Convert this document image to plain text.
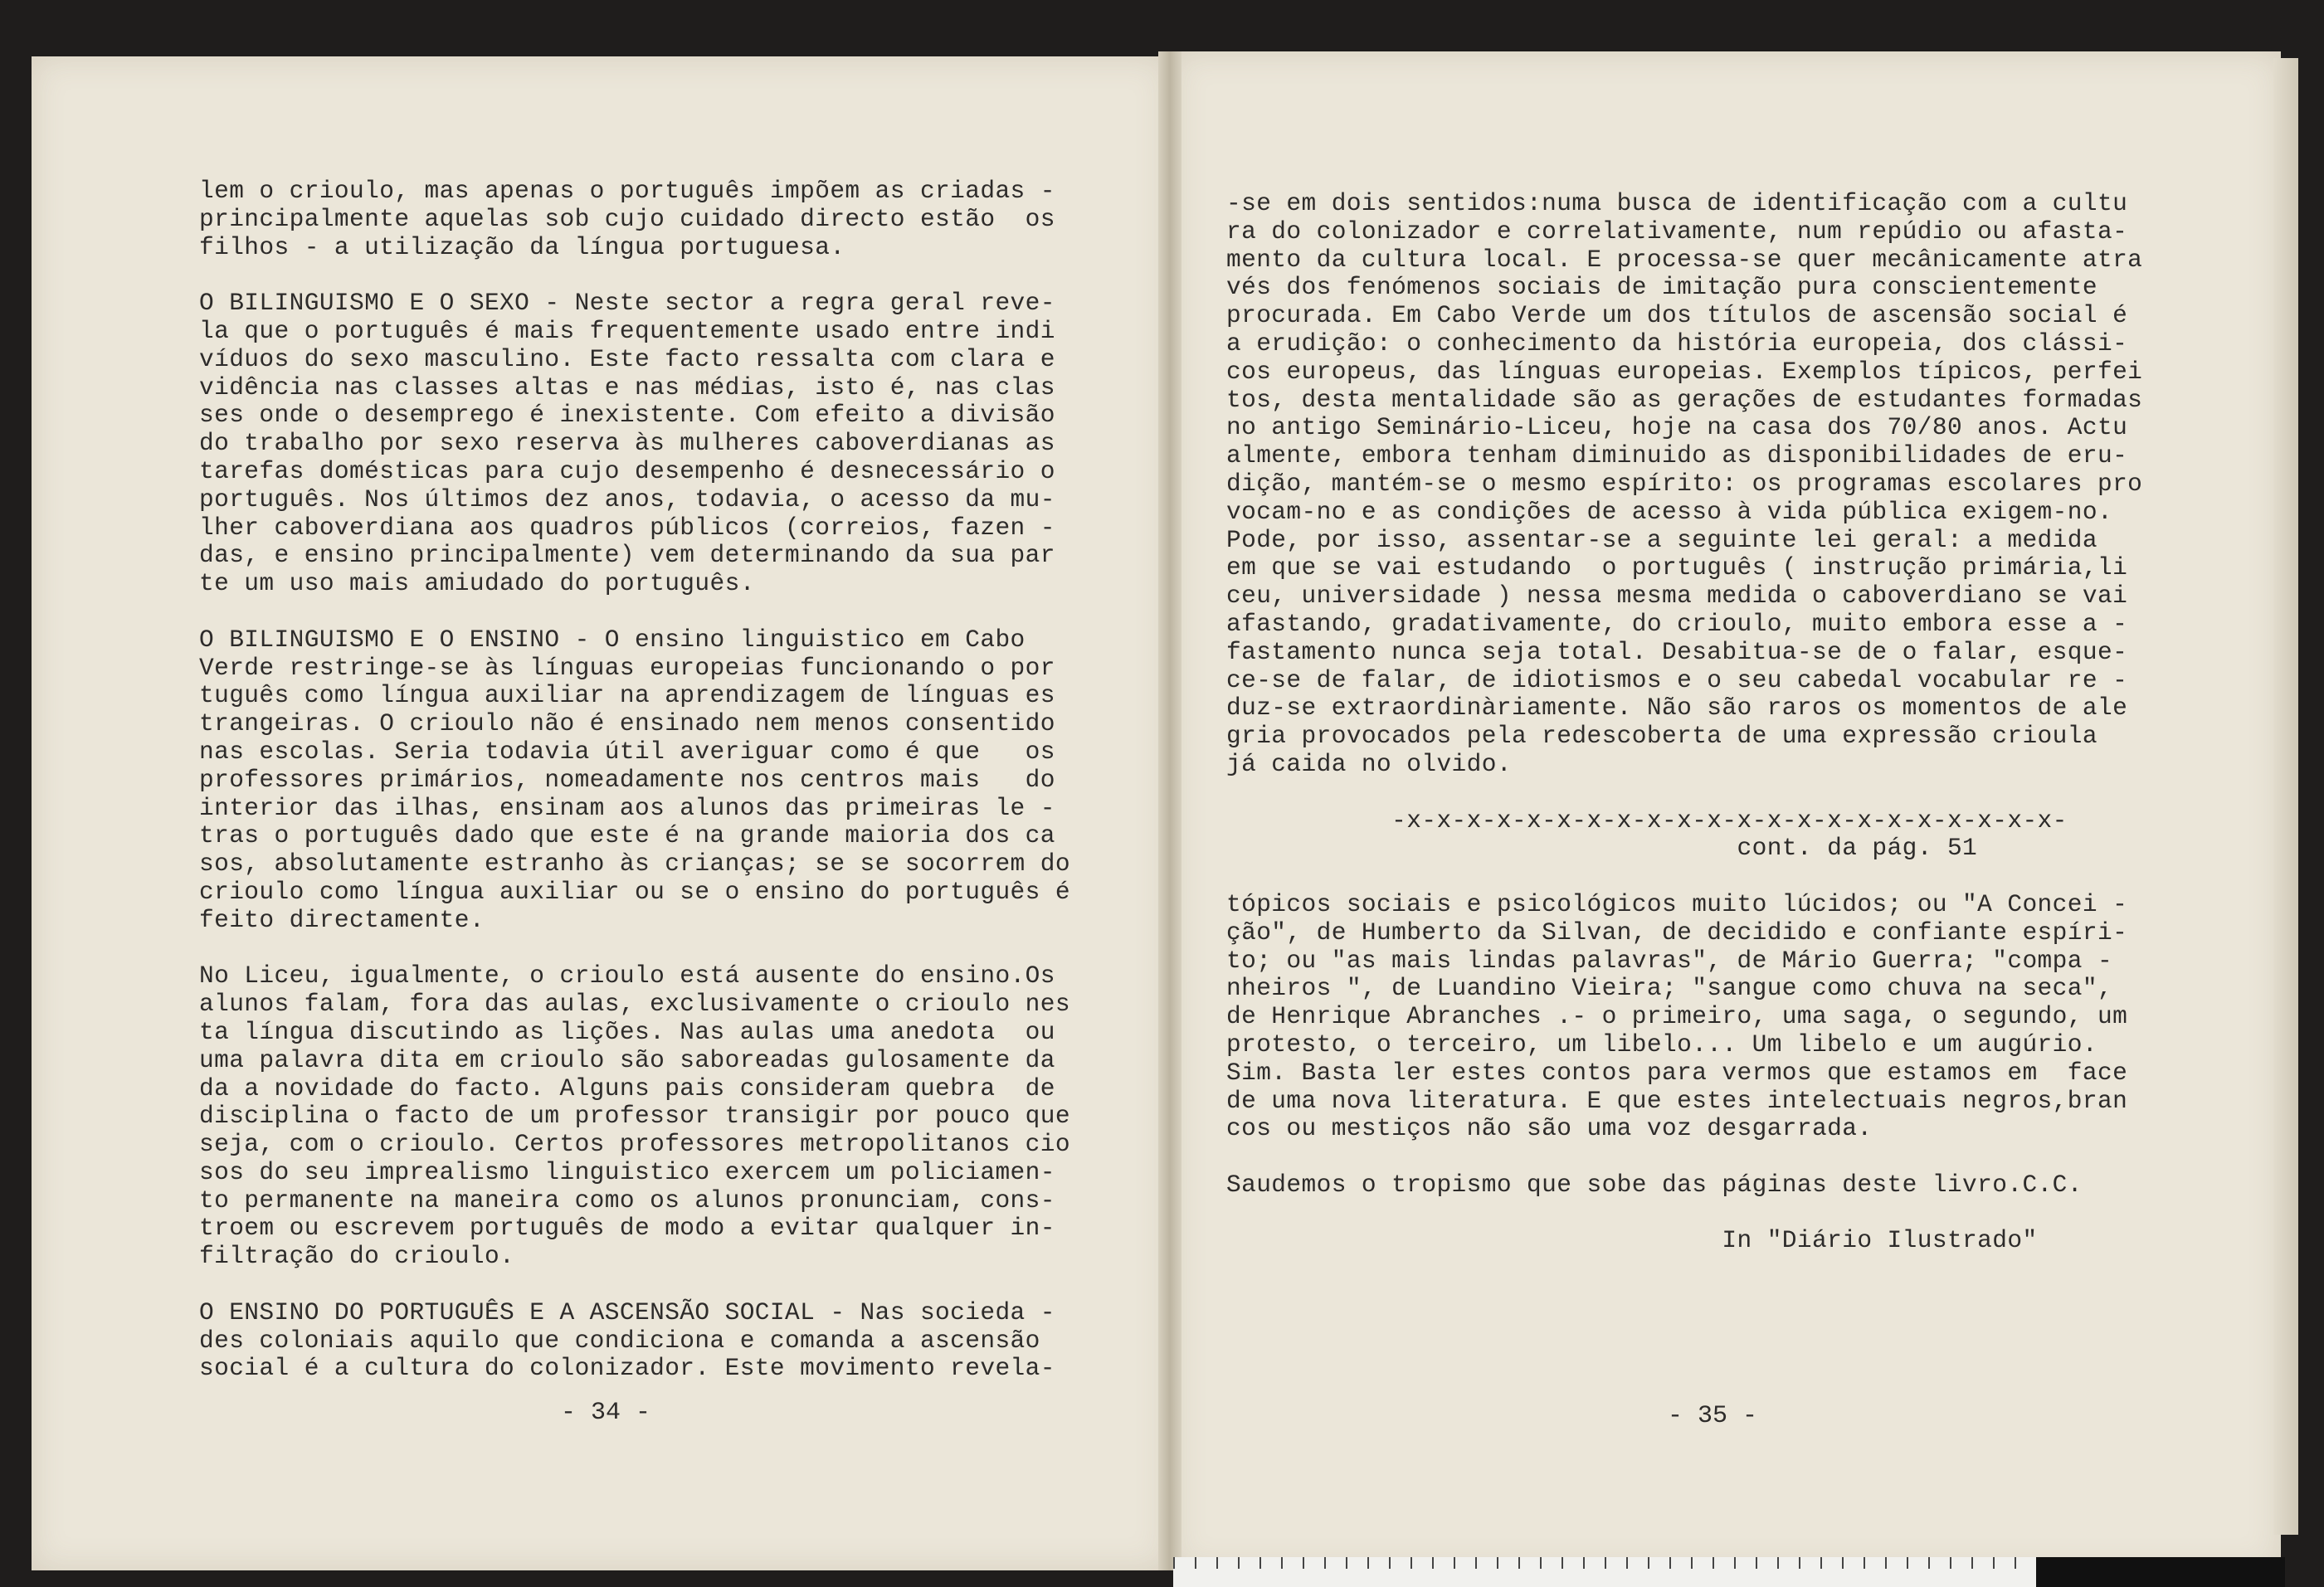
lem o crioulo, mas apenas o português impõem as criadas -
principalmente aquelas sob cujo cuidado directo estão  os
filhos - a utilização da língua portuguesa.

O BILINGUISMO E O SEXO - Neste sector a regra geral reve-
la que o português é mais frequentemente usado entre indi
víduos do sexo masculino. Este facto ressalta com clara e
vidência nas classes altas e nas médias, isto é, nas clas
ses onde o desemprego é inexistente. Com efeito a divisão
do trabalho por sexo reserva às mulheres caboverdianas as
tarefas domésticas para cujo desempenho é desnecessário o
português. Nos últimos dez anos, todavia, o acesso da mu-
lher caboverdiana aos quadros públicos (correios, fazen -
das, e ensino principalmente) vem determinando da sua par
te um uso mais amiudado do português.

O BILINGUISMO E O ENSINO - O ensino linguistico em Cabo
Verde restringe-se às línguas europeias funcionando o por
tuguês como língua auxiliar na aprendizagem de línguas es
trangeiras. O crioulo não é ensinado nem menos consentido
nas escolas. Seria todavia útil averiguar como é que   os
professores primários, nomeadamente nos centros mais   do
interior das ilhas, ensinam aos alunos das primeiras le -
tras o português dado que este é na grande maioria dos ca
sos, absolutamente estranho às crianças; se se socorrem do
crioulo como língua auxiliar ou se o ensino do português é
feito directamente.

No Liceu, igualmente, o crioulo está ausente do ensino.Os
alunos falam, fora das aulas, exclusivamente o crioulo nes
ta língua discutindo as lições. Nas aulas uma anedota  ou
uma palavra dita em crioulo são saboreadas gulosamente da
da a novidade do facto. Alguns pais consideram quebra  de
disciplina o facto de um professor transigir por pouco que
seja, com o crioulo. Certos professores metropolitanos cio
sos do seu imprealismo linguistico exercem um policiamen-
to permanente na maneira como os alunos pronunciam, cons-
troem ou escrevem português de modo a evitar qualquer in-
filtração do crioulo.

O ENSINO DO PORTUGUÊS E A ASCENSÃO SOCIAL - Nas socieda -
des coloniais aquilo que condiciona e comanda a ascensão
social é a cultura do colonizador. Este movimento revela-
-se em dois sentidos:numa busca de identificação com a cultu
ra do colonizador e correlativamente, num repúdio ou afasta-
mento da cultura local. E processa-se quer mecânicamente atra
vés dos fenómenos sociais de imitação pura conscientemente
procurada. Em Cabo Verde um dos títulos de ascensão social é
a erudição: o conhecimento da história europeia, dos clássi-
cos europeus, das línguas europeias. Exemplos típicos, perfei
tos, desta mentalidade são as gerações de estudantes formadas
no antigo Seminário-Liceu, hoje na casa dos 70/80 anos. Actu
almente, embora tenham diminuido as disponibilidades de eru-
dição, mantém-se o mesmo espírito: os programas escolares pro
vocam-no e as condições de acesso à vida pública exigem-no.
Pode, por isso, assentar-se a seguinte lei geral: a medida
em que se vai estudando  o português ( instrução primária,li
ceu, universidade ) nessa mesma medida o caboverdiano se vai
afastando, gradativamente, do crioulo, muito embora esse a -
fastamento nunca seja total. Desabitua-se de o falar, esque-
ce-se de falar, de idiotismos e o seu cabedal vocabular re -
duz-se extraordinàriamente. Não são raros os momentos de ale
gria provocados pela redescoberta de uma expressão crioula
já caida no olvido.

-x-x-x-x-x-x-x-x-x-x-x-x-x-x-x-x-x-x-x-x-x-x-
cont. da pág. 51

tópicos sociais e psicológicos muito lúcidos; ou "A Concei -
ção", de Humberto da Silvan, de decidido e confiante espíri-
to; ou "as mais lindas palavras", de Mário Guerra; "compa -
nheiros ", de Luandino Vieira; "sangue como chuva na seca",
de Henrique Abranches .- o primeiro, uma saga, o segundo, um
protesto, o terceiro, um libelo... Um libelo e um augúrio.
Sim. Basta ler estes contos para vermos que estamos em  face
de uma nova literatura. E que estes intelectuais negros,bran
cos ou mestiços não são uma voz desgarrada.

Saudemos o tropismo que sobe das páginas deste livro.C.C.

In "Diário Ilustrado"
- 34 -	- 35 -
